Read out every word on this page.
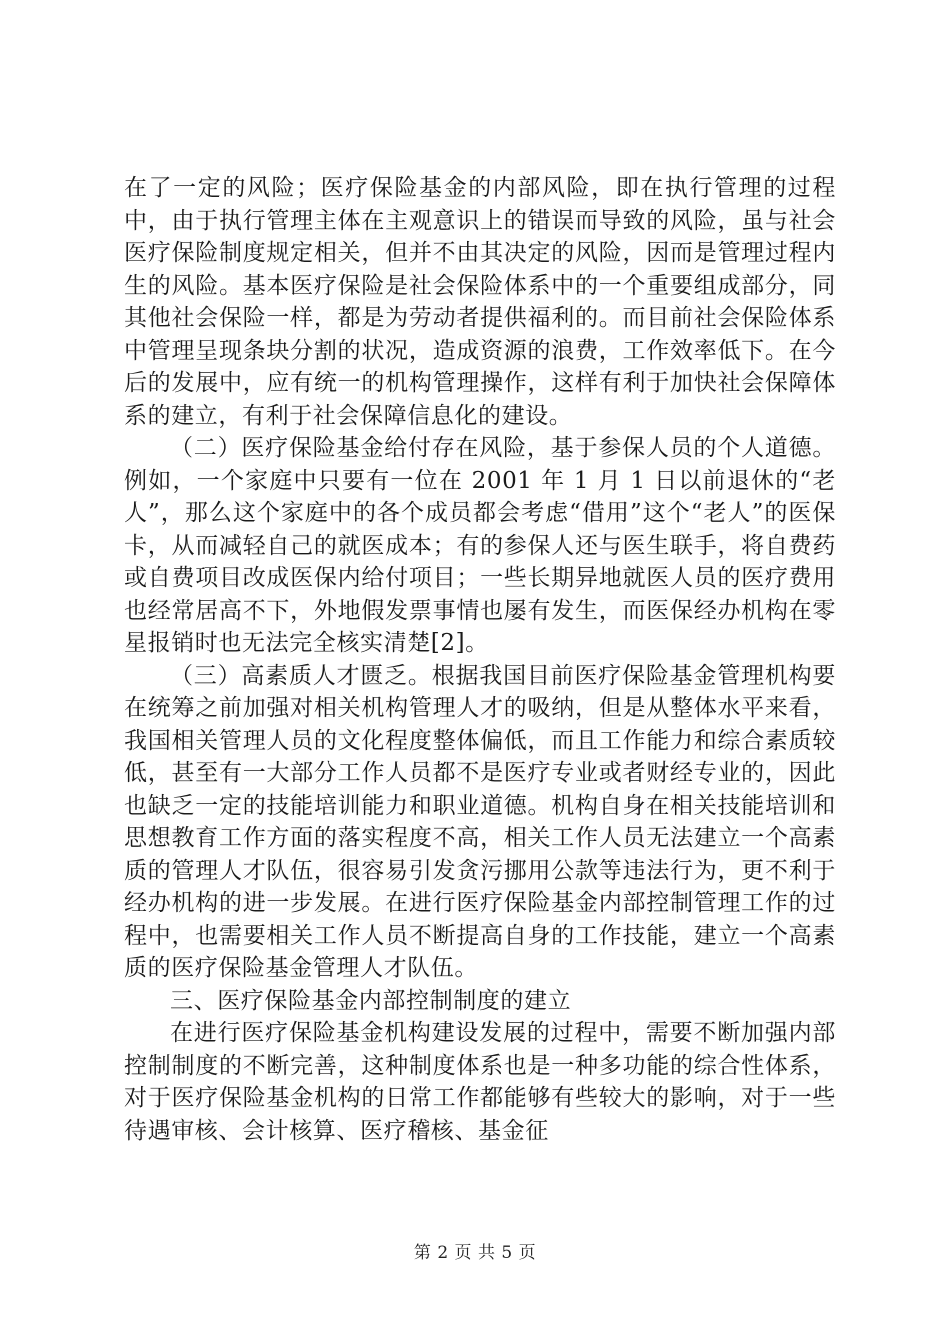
在了一定的风险；医疗保险基金的内部风险，即在执行管理的过程中，由于执行管理主体在主观意识上的错误而导致的风险，虽与社会医疗保险制度规定相关，但并不由其决定的风险，因而是管理过程内生的风险。基本医疗保险是社会保险体系中的一个重要组成部分，同其他社会保险一样，都是为劳动者提供福利的。而目前社会保险体系中管理呈现条块分割的状况，造成资源的浪费，工作效率低下。在今后的发展中，应有统一的机构管理操作，这样有利于加快社会保障体系的建立，有利于社会保障信息化的建设。

（二）医疗保险基金给付存在风险，基于参保人员的个人道德。例如，一个家庭中只要有一位在 2001 年 1 月 1 日以前退休的“老人”，那么这个家庭中的各个成员都会考虑“借用”这个“老人”的医保卡，从而减轻自己的就医成本；有的参保人还与医生联手，将自费药或自费项目改成医保内给付项目；一些长期异地就医人员的医疗费用也经常居高不下，外地假发票事情也屡有发生，而医保经办机构在零星报销时也无法完全核实清楚[2]。

（三）高素质人才匮乏。根据我国目前医疗保险基金管理机构要在统筹之前加强对相关机构管理人才的吸纳，但是从整体水平来看，我国相关管理人员的文化程度整体偏低，而且工作能力和综合素质较低，甚至有一大部分工作人员都不是医疗专业或者财经专业的，因此也缺乏一定的技能培训能力和职业道德。机构自身在相关技能培训和思想教育工作方面的落实程度不高，相关工作人员无法建立一个高素质的管理人才队伍，很容易引发贪污挪用公款等违法行为，更不利于经办机构的进一步发展。在进行医疗保险基金内部控制管理工作的过程中，也需要相关工作人员不断提高自身的工作技能，建立一个高素质的医疗保险基金管理人才队伍。

三、医疗保险基金内部控制制度的建立

在进行医疗保险基金机构建设发展的过程中，需要不断加强内部控制制度的不断完善，这种制度体系也是一种多功能的综合性体系，对于医疗保险基金机构的日常工作都能够有些较大的影响，对于一些待遇审核、会计核算、医疗稽核、基金征

第 2 页 共 5 页
